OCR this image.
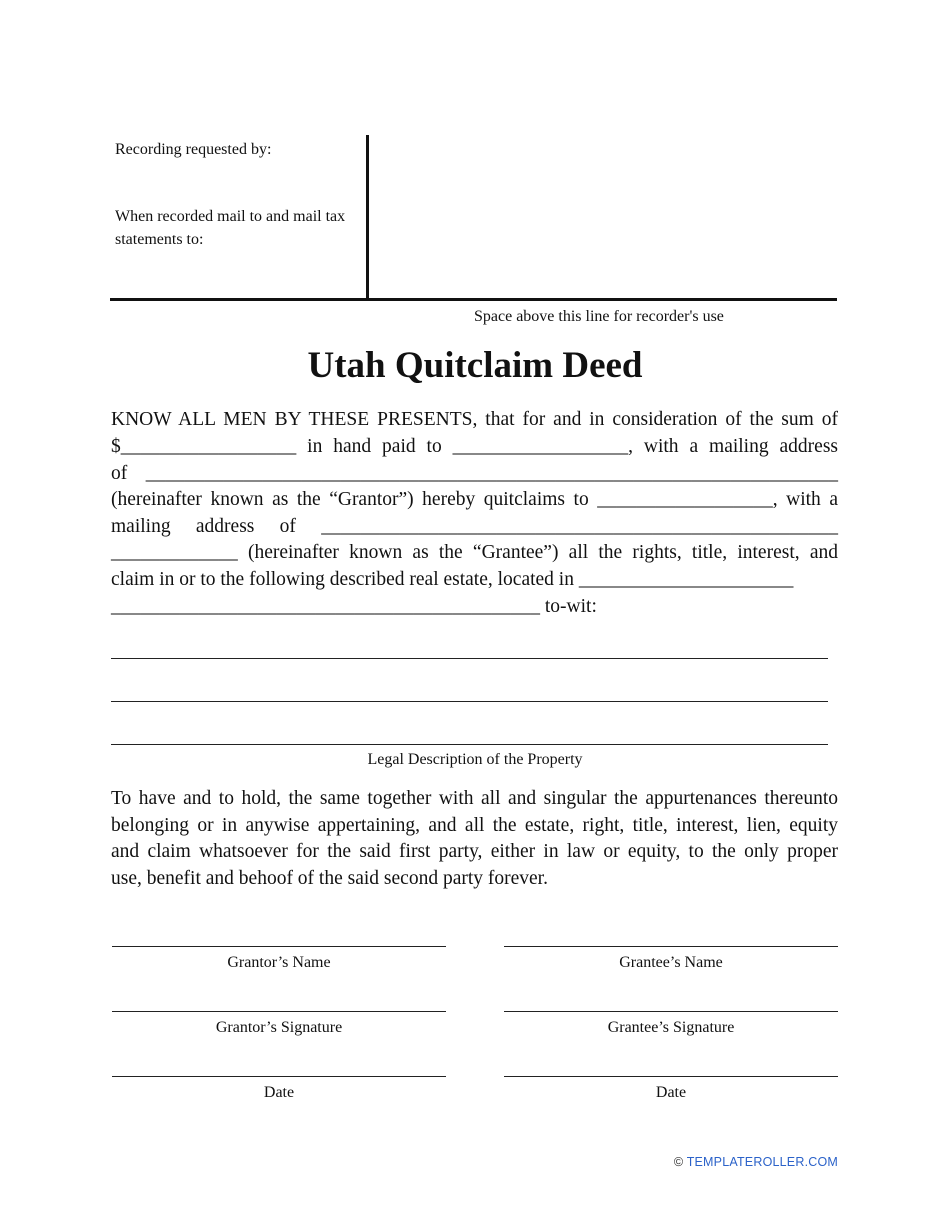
Recording requested by:
When recorded mail to and mail tax statements to:
Space above this line for recorder's use
Utah Quitclaim Deed
KNOW ALL MEN BY THESE PRESENTS, that for and in consideration of the sum of
$__________________ in hand paid to __________________, with a mailing address
of _______________________________________________________________________
(hereinafter known as the “Grantor”) hereby quitclaims to __________________, with a
mailing address of _____________________________________________________
_____________ (hereinafter known as the “Grantee”) all the rights, title, interest, and
claim in or to the following described real estate, located in ______________________
____________________________________________ to-wit:
Legal Description of the Property
To have and to hold, the same together with all and singular the appurtenances thereunto
belonging or in anywise appertaining, and all the estate, right, title, interest, lien, equity
and claim whatsoever for the said first party, either in law or equity, to the only proper
use, benefit and behoof of the said second party forever.
Grantor’s Name	Grantee’s Name
Grantor’s Signature	Grantee’s Signature
Date	Date
© TEMPLATEROLLER.COM
